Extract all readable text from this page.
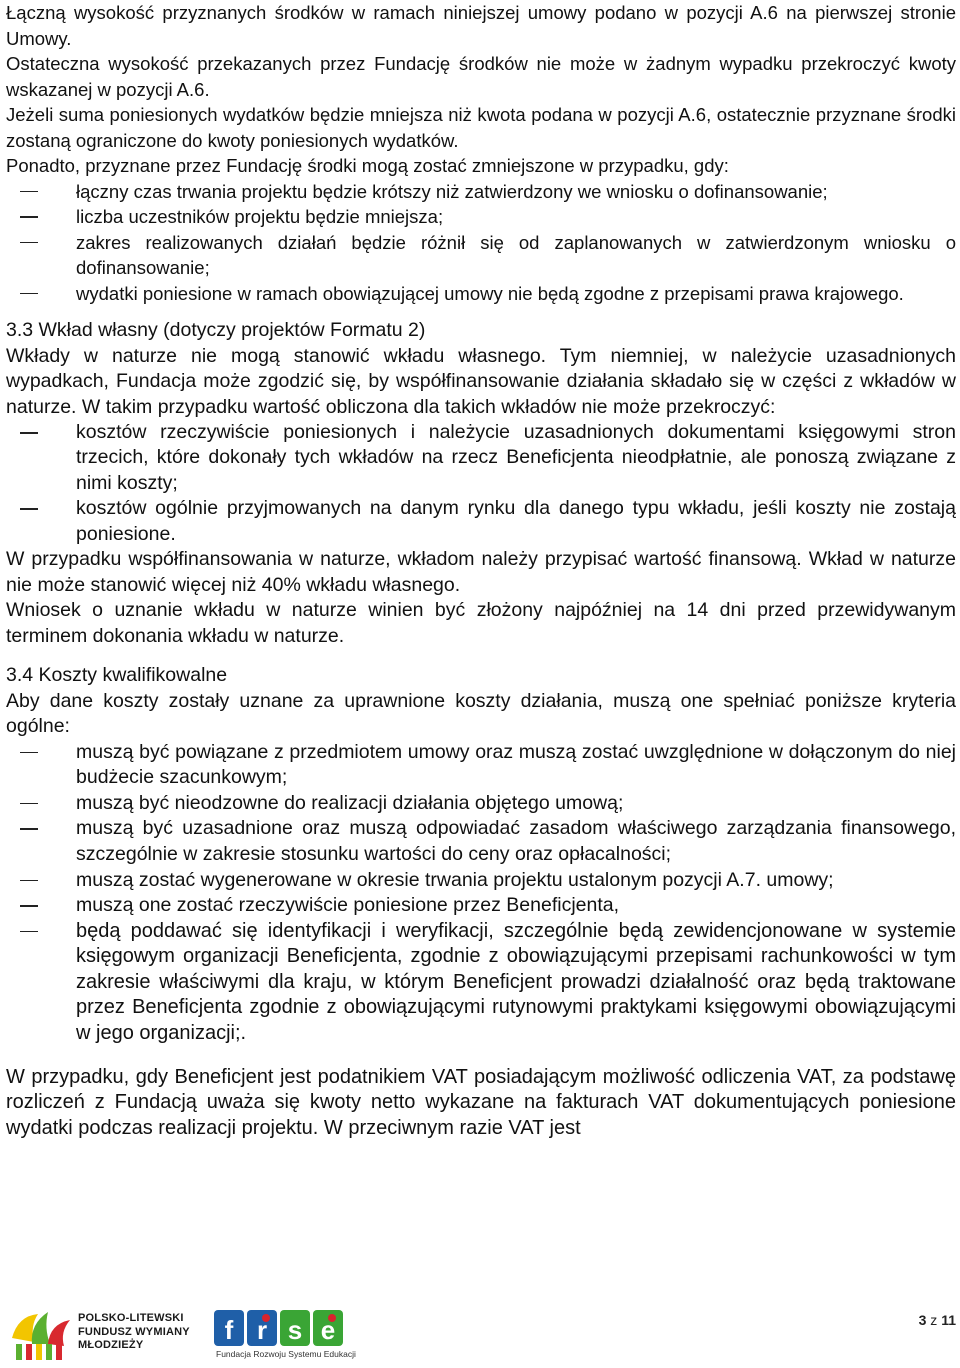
Łączną wysokość przyznanych środków w ramach niniejszej umowy podano w pozycji A.6 na pierwszej stronie Umowy.

Ostateczna wysokość przekazanych przez Fundację środków nie może w żadnym wypadku przekroczyć kwoty wskazanej w pozycji A.6.

Jeżeli suma poniesionych wydatków będzie mniejsza niż kwota podana w pozycji A.6, ostatecznie przyznane środki zostaną ograniczone do kwoty poniesionych wydatków.

Ponadto, przyznane przez Fundację środki mogą zostać zmniejszone w przypadku, gdy:

łączny czas trwania projektu będzie krótszy niż zatwierdzony we wniosku o dofinansowanie;
liczba uczestników projektu będzie mniejsza;
zakres realizowanych działań będzie różnił się od zaplanowanych w zatwierdzonym wniosku o dofinansowanie;
wydatki poniesione w ramach obowiązującej umowy nie będą zgodne z przepisami prawa krajowego.

3.3 Wkład własny (dotyczy projektów Formatu 2)

Wkłady w naturze nie mogą stanowić wkładu własnego. Tym niemniej, w należycie uzasadnionych wypadkach, Fundacja może zgodzić się, by współfinansowanie działania składało się w części z wkładów w naturze. W takim przypadku wartość obliczona dla takich wkładów nie może przekroczyć:

kosztów rzeczywiście poniesionych i należycie uzasadnionych dokumentami księgowymi stron trzecich, które dokonały tych wkładów na rzecz Beneficjenta nieodpłatnie, ale ponoszą związane z nimi koszty;
kosztów ogólnie przyjmowanych na danym rynku dla danego typu wkładu, jeśli koszty nie zostają poniesione.

W przypadku współfinansowania w naturze, wkładom należy przypisać wartość finansową. Wkład w naturze nie może stanowić więcej niż 40% wkładu własnego.

Wniosek o uznanie wkładu w naturze winien być złożony najpóźniej na 14 dni przed przewidywanym terminem dokonania wkładu w naturze.

3.4 Koszty kwalifikowalne

Aby dane koszty zostały uznane za uprawnione koszty działania, muszą one spełniać poniższe kryteria ogólne:

muszą być powiązane z przedmiotem umowy oraz muszą zostać uwzględnione w dołączonym do niej budżecie szacunkowym;
muszą być nieodzowne do realizacji działania objętego umową;
muszą być uzasadnione oraz muszą odpowiadać zasadom właściwego zarządzania finansowego, szczególnie w zakresie stosunku wartości do ceny oraz opłacalności;
muszą zostać wygenerowane w okresie trwania projektu ustalonym pozycji A.7. umowy;
muszą one zostać rzeczywiście poniesione przez Beneficjenta,
będą poddawać się identyfikacji i weryfikacji, szczególnie będą zewidencjonowane w systemie księgowym organizacji Beneficjenta, zgodnie z obowiązującymi przepisami rachunkowości w tym zakresie właściwymi dla kraju, w którym Beneficjent prowadzi działalność oraz będą traktowane przez Beneficjenta zgodnie z obowiązującymi rutynowymi praktykami księgowymi obowiązującymi w jego organizacji;.

W przypadku, gdy Beneficjent jest podatnikiem VAT posiadającym możliwość odliczenia VAT, za podstawę rozliczeń z Fundacją uważa się kwoty netto wykazane na fakturach VAT dokumentujących poniesione wydatki podczas realizacji projektu. W przeciwnym razie VAT jest

POLSKO-LITEWSKI
FUNDUSZ WYMIANY
MŁODZIEŻY	f r s e
Fundacja Rozwoju Systemu Edukacji
3 z 11
